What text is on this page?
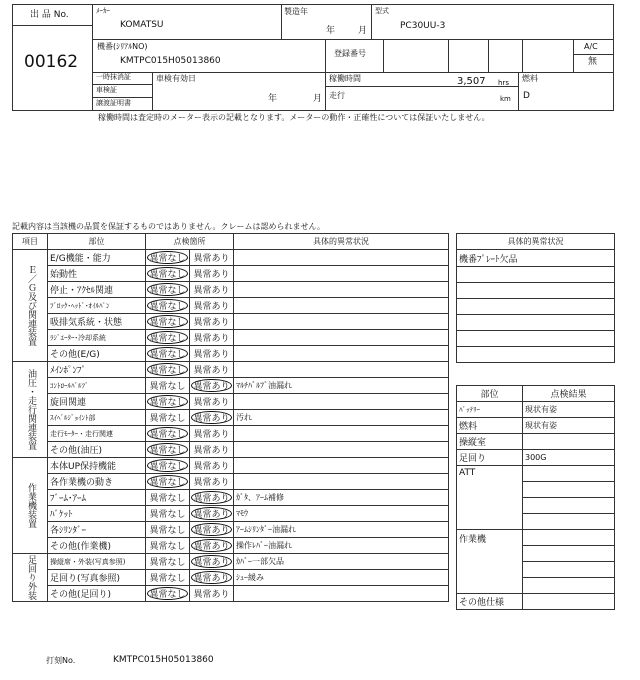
出 品 No.
00162
ﾒｰｶｰ
KOMATSU
製造年
年	月
型式
PC30UU-3
機番(ｼﾘｱﾙNO)
KMTPC015H05013860
登録番号
A/C
無
一時抹消証
車検証
譲渡証明書
車検有効日
年	月
稼働時間	3,507 hrs
走行	km
燃料
D
稼働時間は査定時のメーター表示の記載となります。メーターの動作・正確性については保証いたしません。
記載内容は当該機の品質を保証するものではありません。クレームは認められません。
項目	部位	点検箇所		具体的異常状況

Ｅ／Ｇ及び関連装置	E/G機能・能力	異常なし	異常あり	
	始動性	異常なし	異常あり	
	停止・ｱｸｾﾙ関連	異常なし	異常あり	
	ﾌﾞﾛｯｸ･ﾍｯﾄﾞ･ｵｲﾙﾊﾟﾝ	異常なし	異常あり	
	吸排気系統・状態	異常なし	異常あり	
	ﾗｼﾞｴｰﾀｰ･冷却系統	異常なし	異常あり	
	その他(E/G)	異常なし	異常あり	

油圧・走行関連装置	ﾒｲﾝﾎﾟﾝﾌﾟ	異常なし	異常あり	
	ｺﾝﾄﾛｰﾙﾊﾞﾙﾌﾞ	異常なし	異常あり	ﾏﾙﾁﾊﾞﾙﾌﾞ油漏れ
	旋回関連	異常なし	異常あり	
	ｽｲﾍﾞﾙｼﾞｮｲﾝﾄ部	異常なし	異常あり	汚れ
	走行ﾓｰﾀｰ・走行関連	異常なし	異常あり	
	その他(油圧)	異常なし	異常あり	

作業機装置	本体UP保持機能	異常なし	異常あり	
	各作業機の動き	異常なし	異常あり	
	ﾌﾞｰﾑ･ｱｰﾑ	異常なし	異常あり	ｶﾞﾀ、ｱｰﾑ補修
	ﾊﾞｹｯﾄ	異常なし	異常あり	ﾏﾓｳ
	各ｼﾘﾝﾀﾞｰ	異常なし	異常あり	ｱｰﾑｼﾘﾝﾀﾞｰ油漏れ
	その他(作業機)	異常なし	異常あり	操作ﾚﾊﾞｰ油漏れ

足回り外装	操縦席・外装(写真参照)	異常なし	異常あり	ｶﾊﾞｰ一部欠品
	足回り(写真参照)	異常なし	異常あり	ｼｭｰ緩み
	その他(足回り)	異常なし	異常あり	
具体的異常状況
機番ﾌﾟﾚｰﾄ欠品

部位	点検結果
ﾊﾞｯﾃﾘｰ	現状有姿
燃料	現状有姿
操縦室	
足回り	300G
ATT	

作業機	

その他仕様	
打刻No.	KMTPC015H05013860
